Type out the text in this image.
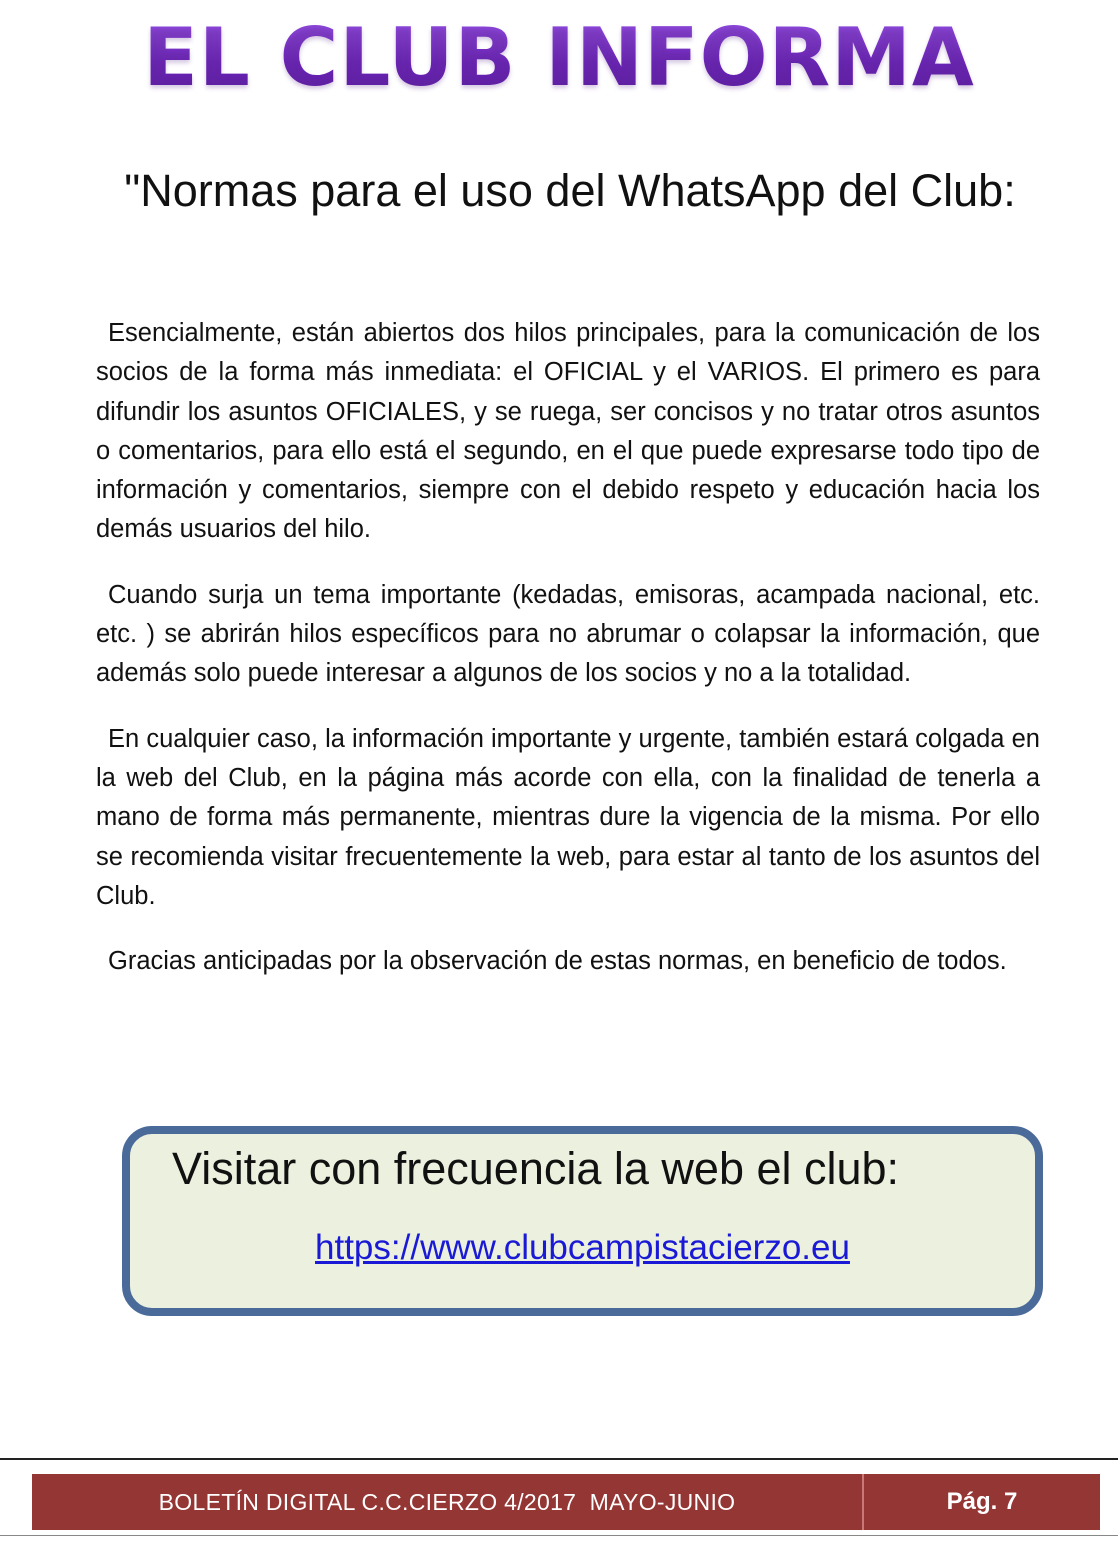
EL CLUB INFORMA
"Normas para el uso del WhatsApp del Club:

Esencialmente, están abiertos dos hilos principales, para la comunicación de los socios de la forma más inmediata: el OFICIAL y el VARIOS. El primero es para difundir los asuntos OFICIALES, y se ruega, ser concisos y no tratar otros asuntos o comentarios, para ello está el segundo, en el que puede expresarse todo tipo de información y comentarios, siempre con el debido respeto y educación hacia los demás usuarios del hilo.

Cuando surja un tema importante (kedadas, emisoras, acampada nacional, etc. etc. ) se abrirán hilos específicos para no abrumar o colapsar la información, que además solo puede interesar a algunos de los socios y no a la totalidad.

En cualquier caso, la información importante y urgente, también estará colgada en la web del Club, en la página más acorde con ella, con la finalidad de tenerla a mano de forma más permanente, mientras dure la vigencia de la misma. Por ello se recomienda visitar frecuentemente la web, para estar al tanto de los asuntos del Club.

Gracias anticipadas por la observación de estas normas, en beneficio de todos.

Visitar con frecuencia la web el club:
https://www.clubcampistacierzo.eu
BOLETÍN DIGITAL C.C.CIERZO 4/2017  MAYO-JUNIO	Pág. 7
